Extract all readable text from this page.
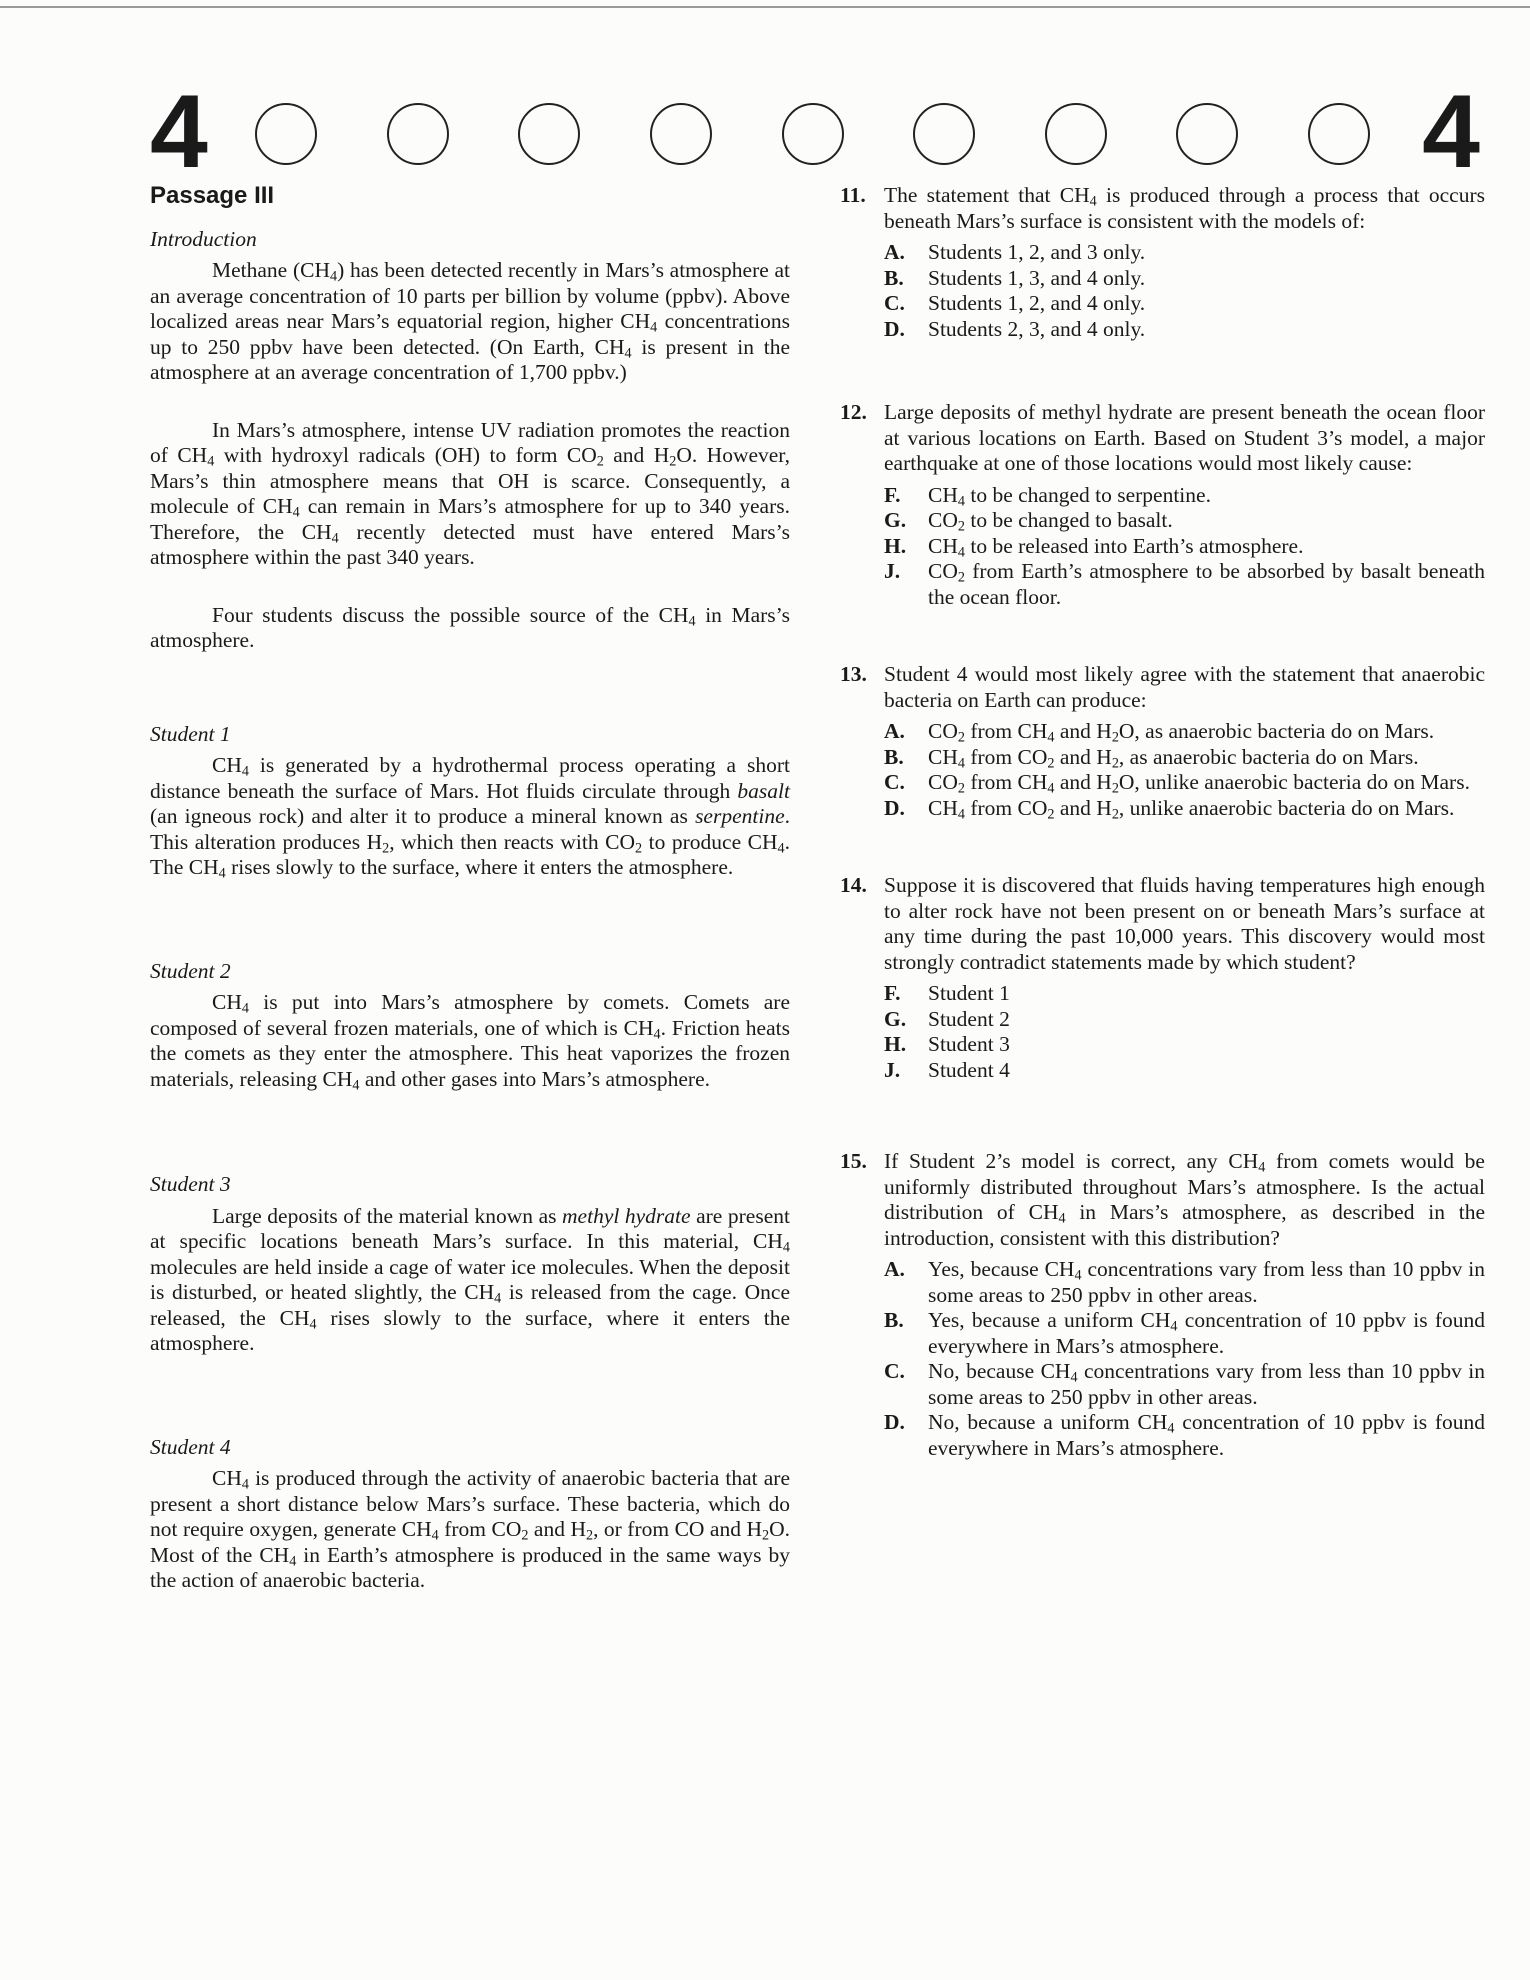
4	4
Passage III
Introduction

Methane $(CH_4)$ has been detected recently in Mars’s atmosphere at an average concentration of 10 parts per billion by volume (ppbv). Above localized areas near Mars’s equatorial region, higher $CH_4$ concentrations up to 250 ppbv have been detected. (On Earth, $CH_4$ is present in the atmosphere at an average concentration of 1,700 ppbv.)

In Mars’s atmosphere, intense UV radiation promotes the reaction of $CH_4$ with hydroxyl radicals (OH) to form $CO_2$ and $H_2O$. However, Mars’s thin atmosphere means that OH is scarce. Consequently, a molecule of $CH_4$ can remain in Mars’s atmosphere for up to 340 years. Therefore, the $CH_4$ recently detected must have entered Mars’s atmosphere within the past 340 years.

Four students discuss the possible source of the $CH_4$ in Mars’s atmosphere.

Student 1

$CH_4$ is generated by a hydrothermal process operating a short distance beneath the surface of Mars. Hot fluids circulate through basalt (an igneous rock) and alter it to produce a mineral known as serpentine. This alteration produces $H_2$, which then reacts with $CO_2$ to produce $CH_4$. The $CH_4$ rises slowly to the surface, where it enters the atmosphere.

Student 2

$CH_4$ is put into Mars’s atmosphere by comets. Comets are composed of several frozen materials, one of which is $CH_4$. Friction heats the comets as they enter the atmosphere. This heat vaporizes the frozen materials, releasing $CH_4$ and other gases into Mars’s atmosphere.

Student 3

Large deposits of the material known as methyl hydrate are present at specific locations beneath Mars’s surface. In this material, $CH_4$ molecules are held inside a cage of water ice molecules. When the deposit is disturbed, or heated slightly, the $CH_4$ is released from the cage. Once released, the $CH_4$ rises slowly to the surface, where it enters the atmosphere.

Student 4

$CH_4$ is produced through the activity of anaerobic bacteria that are present a short distance below Mars’s surface. These bacteria, which do not require oxygen, generate $CH_4$ from $CO_2$ and $H_2$, or from CO and $H_2O$. Most of the $CH_4$ in Earth’s atmosphere is produced in the same ways by the action of anaerobic bacteria.

11. The statement that $CH_4$ is produced through a process that occurs beneath Mars’s surface is consistent with the models of:
A.	Students 1, 2, and 3 only.
B.	Students 1, 3, and 4 only.
C.	Students 1, 2, and 4 only.
D.	Students 2, 3, and 4 only.
12. Large deposits of methyl hydrate are present beneath the ocean floor at various locations on Earth. Based on Student 3’s model, a major earthquake at one of those locations would most likely cause:
F.	$CH_4$ to be changed to serpentine.
G.	$CO_2$ to be changed to basalt.
H.	$CH_4$ to be released into Earth’s atmosphere.
J.	$CO_2$ from Earth’s atmosphere to be absorbed by basalt beneath the ocean floor.
13. Student 4 would most likely agree with the statement that anaerobic bacteria on Earth can produce:
A.	$CO_2$ from $CH_4$ and $H_2O$, as anaerobic bacteria do on Mars.
B.	$CH_4$ from $CO_2$ and $H_2$, as anaerobic bacteria do on Mars.
C.	$CO_2$ from $CH_4$ and $H_2O$, unlike anaerobic bacteria do on Mars.
D.	$CH_4$ from $CO_2$ and $H_2$, unlike anaerobic bacteria do on Mars.
14. Suppose it is discovered that fluids having temperatures high enough to alter rock have not been present on or beneath Mars’s surface at any time during the past 10,000 years. This discovery would most strongly contradict statements made by which student?
F.	Student 1
G.	Student 2
H.	Student 3
J.	Student 4
15. If Student 2’s model is correct, any $CH_4$ from comets would be uniformly distributed throughout Mars’s atmosphere. Is the actual distribution of $CH_4$ in Mars’s atmosphere, as described in the introduction, consistent with this distribution?
A.	Yes, because $CH_4$ concentrations vary from less than 10 ppbv in some areas to 250 ppbv in other areas.
B.	Yes, because a uniform $CH_4$ concentration of 10 ppbv is found everywhere in Mars’s atmosphere.
C.	No, because $CH_4$ concentrations vary from less than 10 ppbv in some areas to 250 ppbv in other areas.
D.	No, because a uniform $CH_4$ concentration of 10 ppbv is found everywhere in Mars’s atmosphere.
